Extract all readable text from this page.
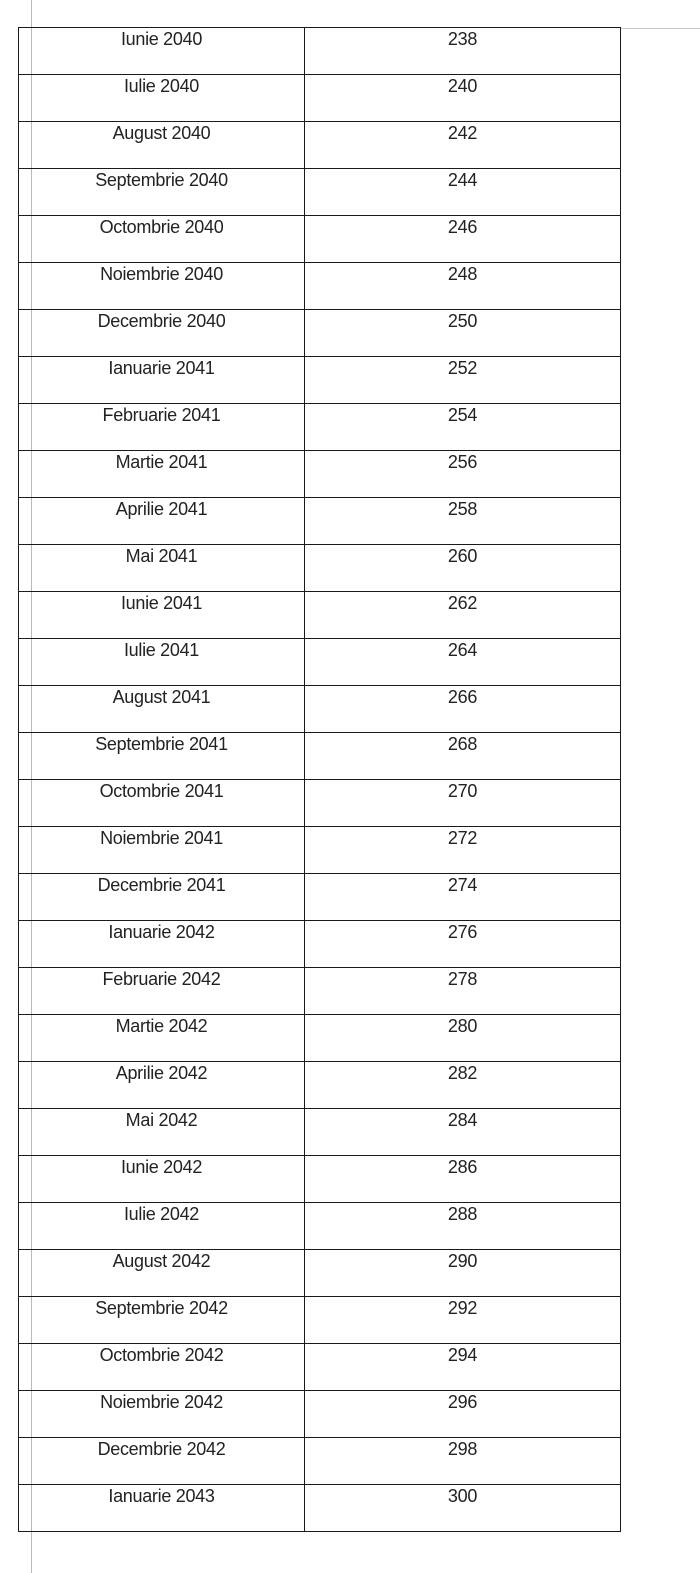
Iunie 2040	238
Iulie 2040	240
August 2040	242
Septembrie 2040	244
Octombrie 2040	246
Noiembrie 2040	248
Decembrie 2040	250
Ianuarie 2041	252
Februarie 2041	254
Martie 2041	256
Aprilie 2041	258
Mai 2041	260
Iunie 2041	262
Iulie 2041	264
August 2041	266
Septembrie 2041	268
Octombrie 2041	270
Noiembrie 2041	272
Decembrie 2041	274
Ianuarie 2042	276
Februarie 2042	278
Martie 2042	280
Aprilie 2042	282
Mai 2042	284
Iunie 2042	286
Iulie 2042	288
August 2042	290
Septembrie 2042	292
Octombrie 2042	294
Noiembrie 2042	296
Decembrie 2042	298
Ianuarie 2043	300
